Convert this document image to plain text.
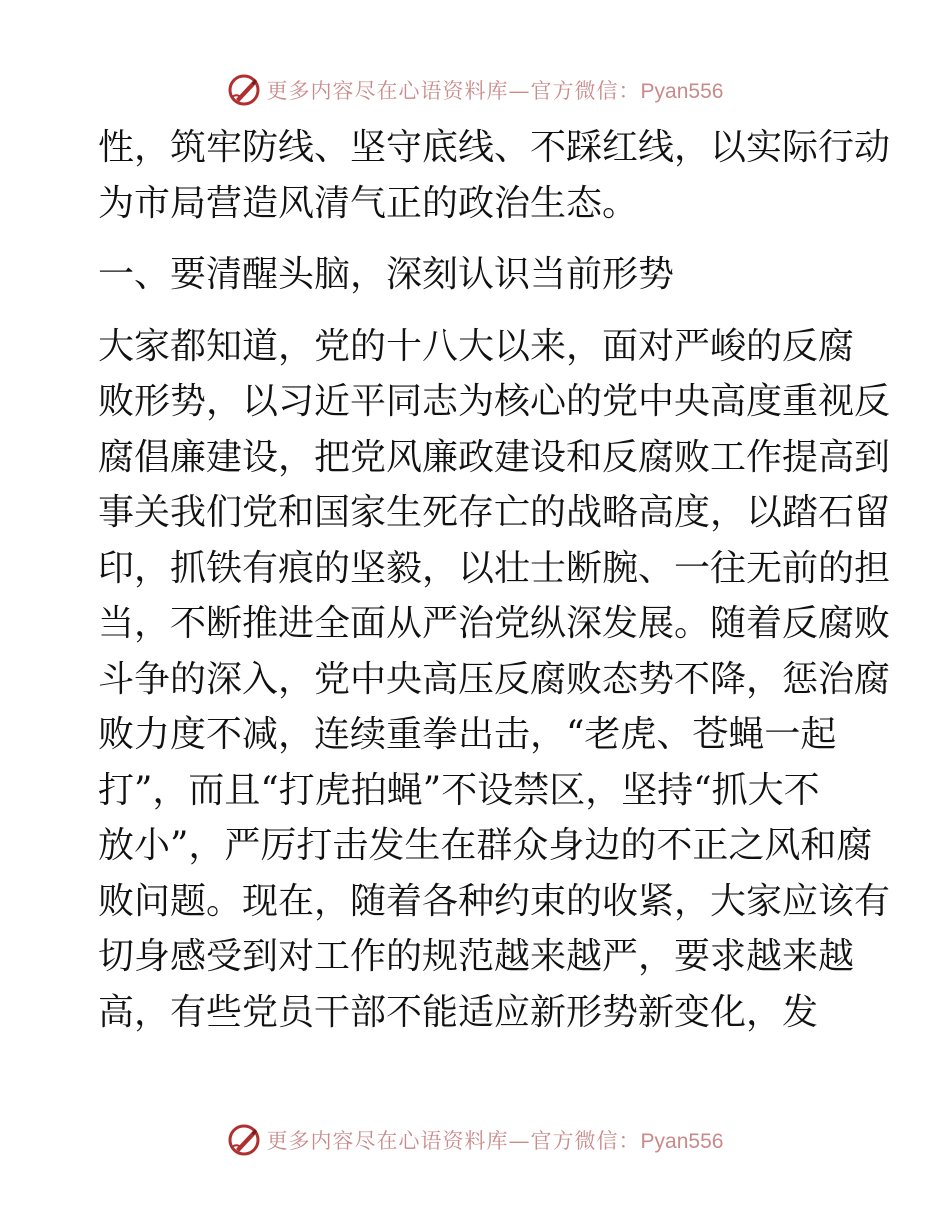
更多内容尽在心语资料库—官方微信：Pyan556
性，筑牢防线、坚守底线、不踩红线，以实际行动
为市局营造风清气正的政治生态。
一、要清醒头脑，深刻认识当前形势
大家都知道，党的十八大以来，面对严峻的反腐
败形势，以习近平同志为核心的党中央高度重视反
腐倡廉建设，把党风廉政建设和反腐败工作提高到
事关我们党和国家生死存亡的战略高度，以踏石留
印，抓铁有痕的坚毅，以壮士断腕、一往无前的担
当，不断推进全面从严治党纵深发展。随着反腐败
斗争的深入，党中央高压反腐败态势不降，惩治腐
败力度不减，连续重拳出击，“老虎、苍蝇一起
打”，而且“打虎拍蝇”不设禁区，坚持“抓大不
放小”，严厉打击发生在群众身边的不正之风和腐
败问题。现在，随着各种约束的收紧，大家应该有
切身感受到对工作的规范越来越严，要求越来越
高，有些党员干部不能适应新形势新变化，发
更多内容尽在心语资料库—官方微信：Pyan556
